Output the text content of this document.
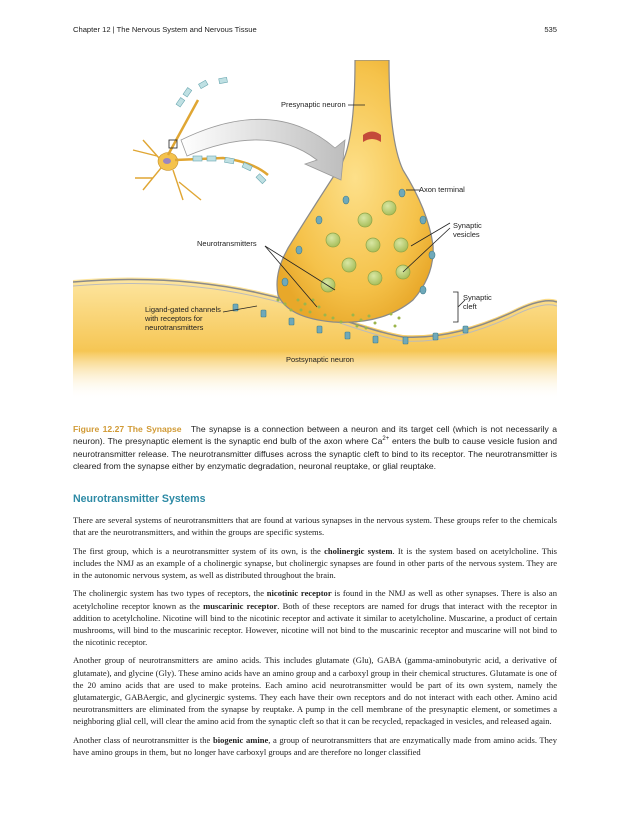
Chapter 12 | The Nervous System and Nervous Tissue	535
Presynaptic neuron
Axon terminal
Synaptic
vesicles
Neurotransmitters
Synaptic
cleft
Ligand-gated channels
with receptors for
neurotransmitters
Postsynaptic neuron
Figure 12.27 The Synapse The synapse is a connection between a neuron and its target cell (which is not necessarily a neuron). The presynaptic element is the synaptic end bulb of the axon where $Ca^{2+}$ enters the bulb to cause vesicle fusion and neurotransmitter release. The neurotransmitter diffuses across the synaptic cleft to bind to its receptor. The neurotransmitter is cleared from the synapse either by enzymatic degradation, neuronal reuptake, or glial reuptake.
Neurotransmitter Systems

There are several systems of neurotransmitters that are found at various synapses in the nervous system. These groups refer to the chemicals that are the neurotransmitters, and within the groups are specific systems.

The first group, which is a neurotransmitter system of its own, is the cholinergic system. It is the system based on acetylcholine. This includes the NMJ as an example of a cholinergic synapse, but cholinergic synapses are found in other parts of the nervous system. They are in the autonomic nervous system, as well as distributed throughout the brain.

The cholinergic system has two types of receptors, the nicotinic receptor is found in the NMJ as well as other synapses. There is also an acetylcholine receptor known as the muscarinic receptor. Both of these receptors are named for drugs that interact with the receptor in addition to acetylcholine. Nicotine will bind to the nicotinic receptor and activate it similar to acetylcholine. Muscarine, a product of certain mushrooms, will bind to the muscarinic receptor. However, nicotine will not bind to the muscarinic receptor and muscarine will not bind to the nicotinic receptor.

Another group of neurotransmitters are amino acids. This includes glutamate (Glu), GABA (gamma-aminobutyric acid, a derivative of glutamate), and glycine (Gly). These amino acids have an amino group and a carboxyl group in their chemical structures. Glutamate is one of the 20 amino acids that are used to make proteins. Each amino acid neurotransmitter would be part of its own system, namely the glutamatergic, GABAergic, and glycinergic systems. They each have their own receptors and do not interact with each other. Amino acid neurotransmitters are eliminated from the synapse by reuptake. A pump in the cell membrane of the presynaptic element, or sometimes a neighboring glial cell, will clear the amino acid from the synaptic cleft so that it can be recycled, repackaged in vesicles, and released again.

Another class of neurotransmitter is the biogenic amine, a group of neurotransmitters that are enzymatically made from amino acids. They have amino groups in them, but no longer have carboxyl groups and are therefore no longer classified
